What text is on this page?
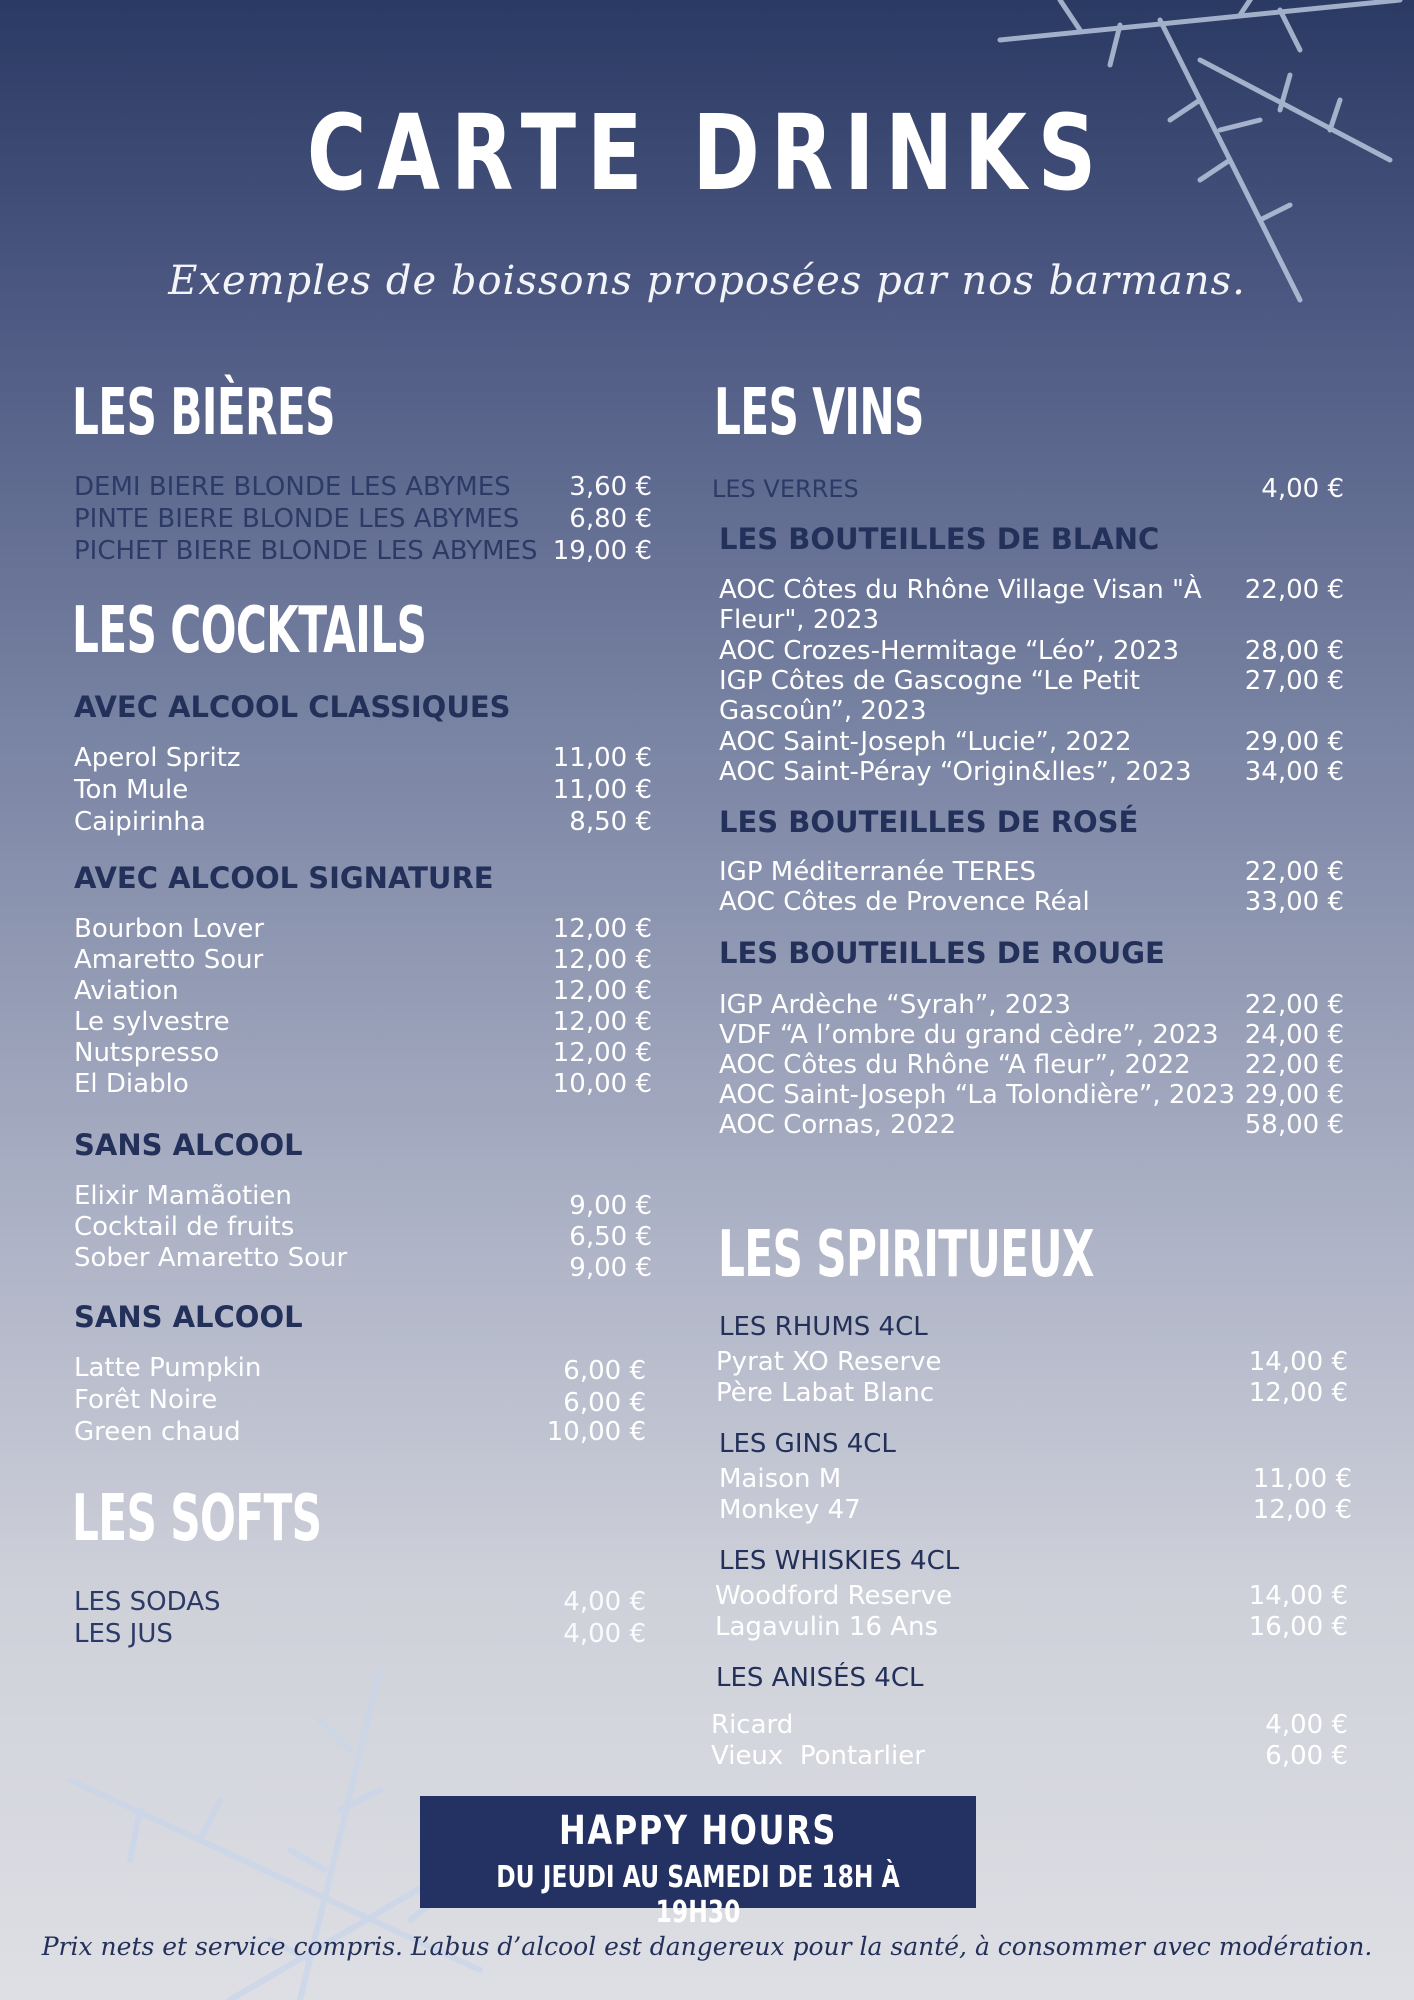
CARTE DRINKS
Exemples de boissons proposées par nos barmans.
LES BIÈRES
DEMI BIERE BLONDE LES ABYMES 3,60 €
PINTE BIERE BLONDE LES ABYMES 6,80 €
PICHET BIERE BLONDE LES ABYMES 19,00 €
LES COCKTAILS
AVEC ALCOOL CLASSIQUES
Aperol Spritz	11,00 €
Ton Mule	11,00 €
Caipirinha	8,50 €
AVEC ALCOOL SIGNATURE
Bourbon Lover	12,00 €
Amaretto Sour	12,00 €
Aviation	12,00 €
Le sylvestre	12,00 €
Nutspresso	12,00 €
El Diablo	10,00 €
SANS ALCOOL
Elixir Mamãotien	9,00 €
Cocktail de fruits	6,50 €
Sober Amaretto Sour	9,00 €
SANS ALCOOL
Latte Pumpkin	6,00 €
Forêt Noire	6,00 €
Green chaud	10,00 €
LES SOFTS
LES SODAS	4,00 €
LES JUS	4,00 €
LES VINS
LES VERRES	4,00 €
LES BOUTEILLES DE BLANC
AOC Côtes du Rhône Village Visan "À
Fleur", 2023
22,00 €
AOC Crozes-Hermitage “Léo”, 2023	28,00 €
IGP Côtes de Gascogne “Le Petit
Gascoûn”, 2023
27,00 €
AOC Saint-Joseph “Lucie”, 2022	29,00 €
AOC Saint-Péray “Origin&lles”, 2023 34,00 €
LES BOUTEILLES DE ROSÉ
IGP Méditerranée TERES	22,00 €
AOC Côtes de Provence Réal	33,00 €
LES BOUTEILLES DE ROUGE
IGP Ardèche “Syrah”, 2023	22,00 €
VDF “A l’ombre du grand cèdre”, 2023 24,00 €
AOC Côtes du Rhône “A fleur”, 2022 22,00 €
AOC Saint-Joseph “La Tolondière”, 2023 29,00 €
AOC Cornas, 2022	58,00 €
LES SPIRITUEUX
LES RHUMS 4CL
Pyrat XO Reserve	14,00 €
Père Labat Blanc	12,00 €
LES GINS 4CL
Maison M	11,00 €
Monkey 47	12,00 €
LES WHISKIES 4CL
Woodford Reserve	14,00 €
Lagavulin 16 Ans	16,00 €
LES ANISÉS 4CL
Ricard	4,00 €
Vieux  Pontarlier	6,00 €
HAPPY HOURS
DU JEUDI AU SAMEDI DE 18H À 19H30
Prix nets et service compris. L’abus d’alcool est dangereux pour la santé, à consommer avec modération.
